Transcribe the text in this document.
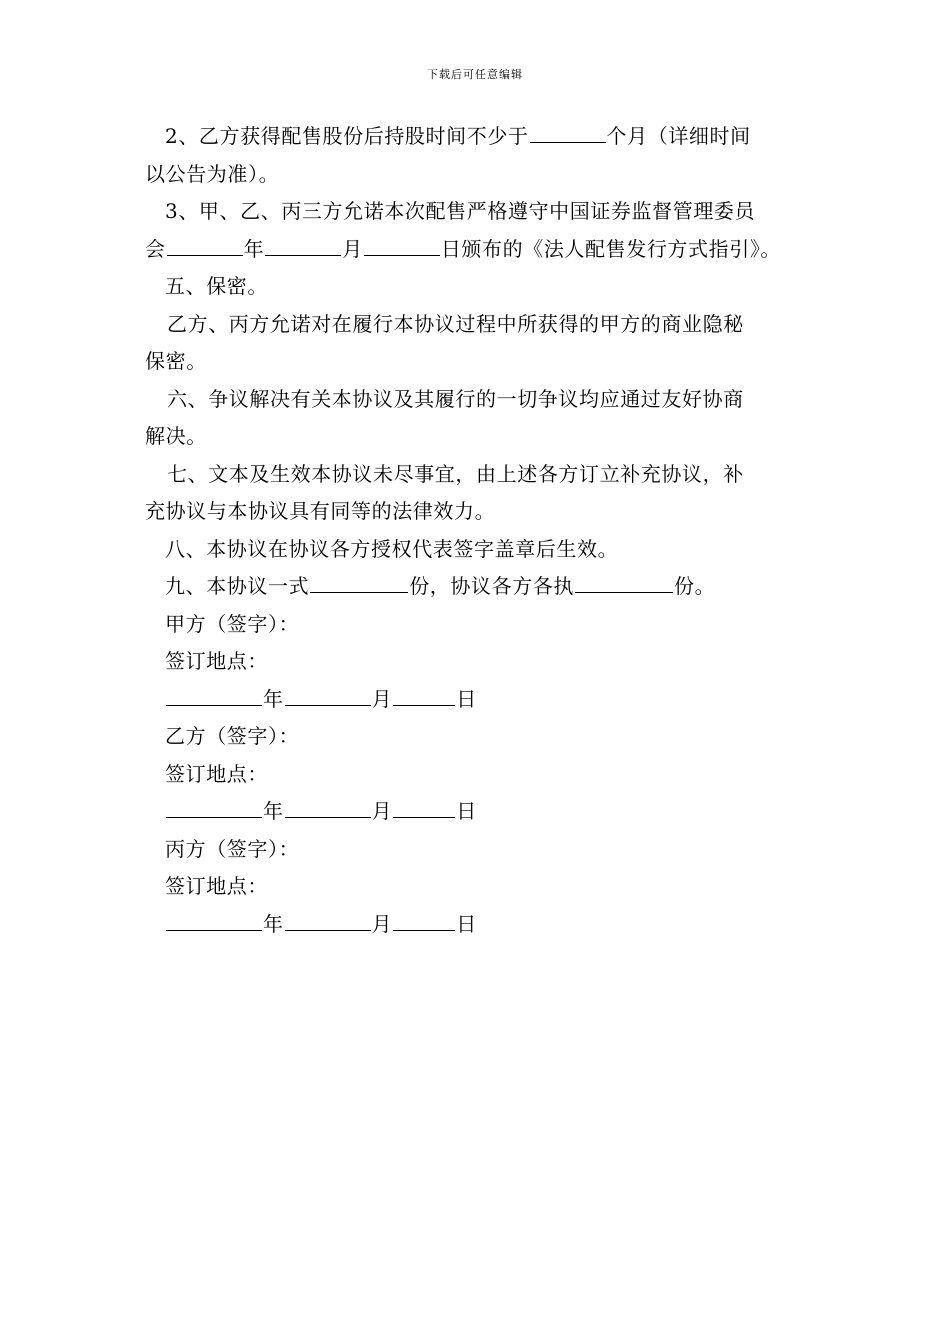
下载后可任意编辑

2、乙方获得配售股份后持股时间不少于	个月（详细时间

以公告为准）。

3、甲、乙、丙三方允诺本次配售严格遵守中国证券监督管理委员

会	年	月	日颁布的《法人配售发行方式指引》。

五、保密。

乙方、丙方允诺对在履行本协议过程中所获得的甲方的商业隐秘

保密。

六、争议解决有关本协议及其履行的一切争议均应通过友好协商

解决。

七、文本及生效本协议未尽事宜，由上述各方订立补充协议，补

充协议与本协议具有同等的法律效力。

八、本协议在协议各方授权代表签字盖章后生效。

九、本协议一式	份，协议各方各执	份。

甲方（签字）：

签订地点：

年	月	日

乙方（签字）：

签订地点：

年	月	日

丙方（签字）：

签订地点：

年	月	日
